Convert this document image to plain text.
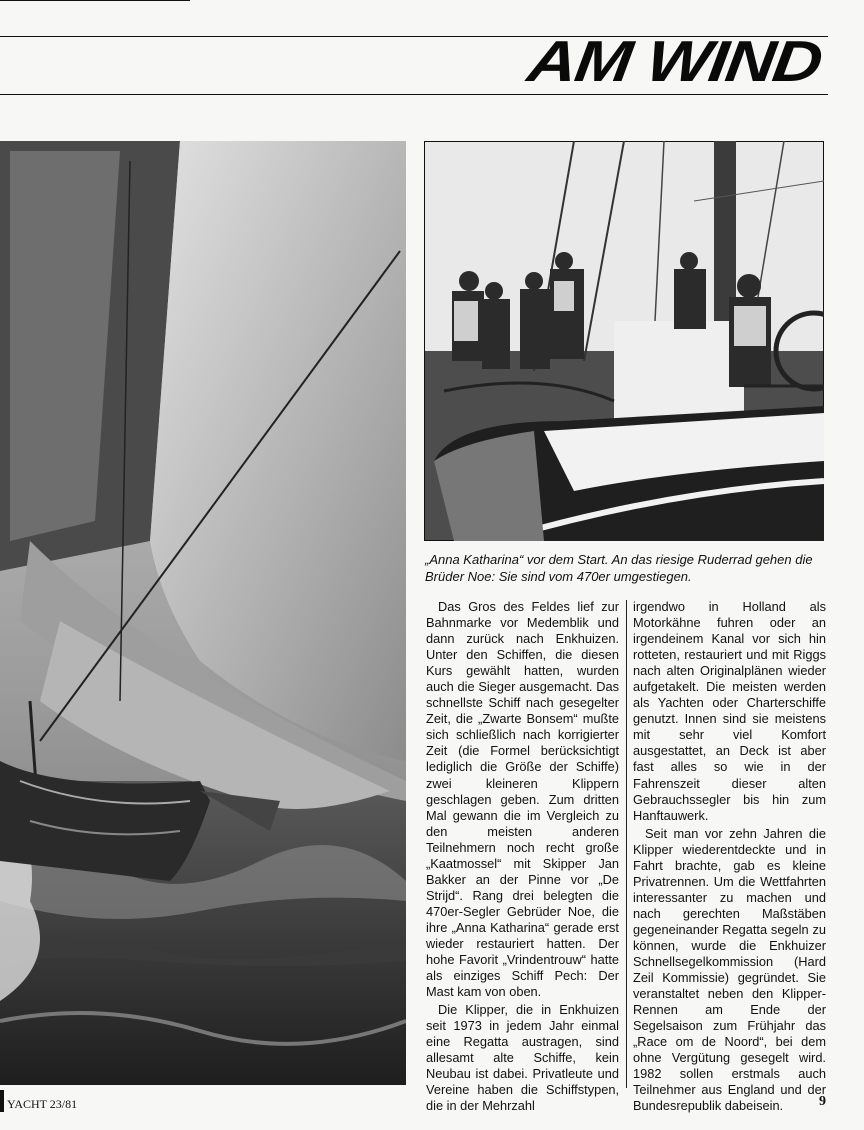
AM WIND
„Anna Katharina“ vor dem Start. An das riesige Ruderrad gehen die Brüder Noe: Sie sind vom 470er umgestiegen.

Das Gros des Feldes lief zur Bahnmarke vor Medemblik und dann zurück nach Enkhuizen. Unter den Schiffen, die diesen Kurs gewählt hatten, wurden auch die Sieger ausgemacht. Das schnellste Schiff nach gesegelter Zeit, die „Zwarte Bonsem“ mußte sich schließlich nach korrigierter Zeit (die Formel berücksichtigt lediglich die Größe der Schiffe) zwei kleineren Klippern geschlagen geben. Zum dritten Mal gewann die im Vergleich zu den meisten anderen Teilnehmern noch recht große „Kaatmossel“ mit Skipper Jan Bakker an der Pinne vor „De Strijd“. Rang drei belegten die 470er-Segler Gebrüder Noe, die ihre „Anna Katharina“ gerade erst wieder restauriert hatten. Der hohe Favorit „Vrindentrouw“ hatte als einziges Schiff Pech: Der Mast kam von oben.

Die Klipper, die in Enkhuizen seit 1973 in jedem Jahr einmal eine Regatta austragen, sind allesamt alte Schiffe, kein Neubau ist dabei. Privatleute und Vereine haben die Schiffstypen, die in der Mehrzahl

irgendwo in Holland als Motorkähne fuhren oder an irgendeinem Kanal vor sich hin rotteten, restauriert und mit Riggs nach alten Originalplänen wieder aufgetakelt. Die meisten werden als Yachten oder Charterschiffe genutzt. Innen sind sie meistens mit sehr viel Komfort ausgestattet, an Deck ist aber fast alles so wie in der Fahrenszeit dieser alten Gebrauchssegler bis hin zum Hanftauwerk.

Seit man vor zehn Jahren die Klipper wiederentdeckte und in Fahrt brachte, gab es kleine Privatrennen. Um die Wettfahrten interessanter zu machen und nach gerechten Maßstäben gegeneinander Regatta segeln zu können, wurde die Enkhuizer Schnellsegelkommission (Hard Zeil Kommissie) gegründet. Sie veranstaltet neben den Klipper-Rennen am Ende der Segelsaison zum Frühjahr das „Race om de Noord“, bei dem ohne Vergütung gesegelt wird. 1982 sollen erstmals auch Teilnehmer aus England und der Bundesrepublik dabeisein.

YACHT 23/81	9
